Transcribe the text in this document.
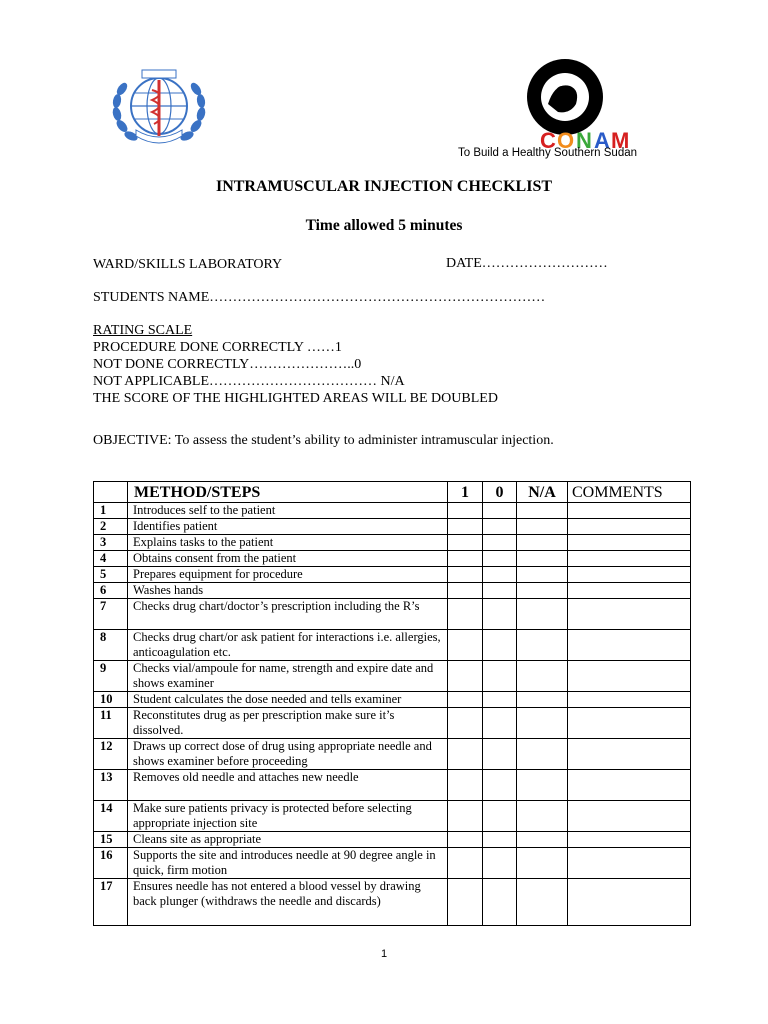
C O N A M
To Build a Healthy Southern Sudan
INTRAMUSCULAR INJECTION CHECKLIST
Time allowed 5 minutes
WARD/SKILLS LABORATORY	DATE………………………
STUDENTS NAME………………………………………………………………
RATING SCALE
PROCEDURE DONE CORRECTLY ……1
NOT DONE CORRECTLY…………………..0
NOT APPLICABLE……………………………… N/A
THE SCORE OF THE HIGHLIGHTED AREAS WILL BE DOUBLED
OBJECTIVE: To assess the student’s ability to administer intramuscular injection.
	METHOD/STEPS	1	0	N/A	COMMENTS
1	Introduces self to the patient				
2	Identifies patient				
3	Explains tasks to the patient				
4	Obtains consent from the patient				
5	Prepares equipment for procedure				
6	Washes hands				
7	Checks drug chart/doctor’s prescription including the R’s				
8	Checks drug chart/or ask patient for interactions i.e. allergies, anticoagulation etc.				
9	Checks vial/ampoule for name, strength and expire date and shows examiner				
10	Student calculates the dose needed and tells examiner				
11	Reconstitutes drug as per prescription make sure it’s dissolved.				
12	Draws up correct dose of drug using appropriate needle and shows examiner before proceeding				
13	Removes old needle and attaches new needle				
14	Make sure patients privacy is protected before selecting appropriate injection site				
15	Cleans site as appropriate				
16	Supports the site and introduces needle at 90 degree angle in quick, firm motion				
17	Ensures needle has not entered a blood vessel by drawing back plunger (withdraws the needle and discards)				
1
